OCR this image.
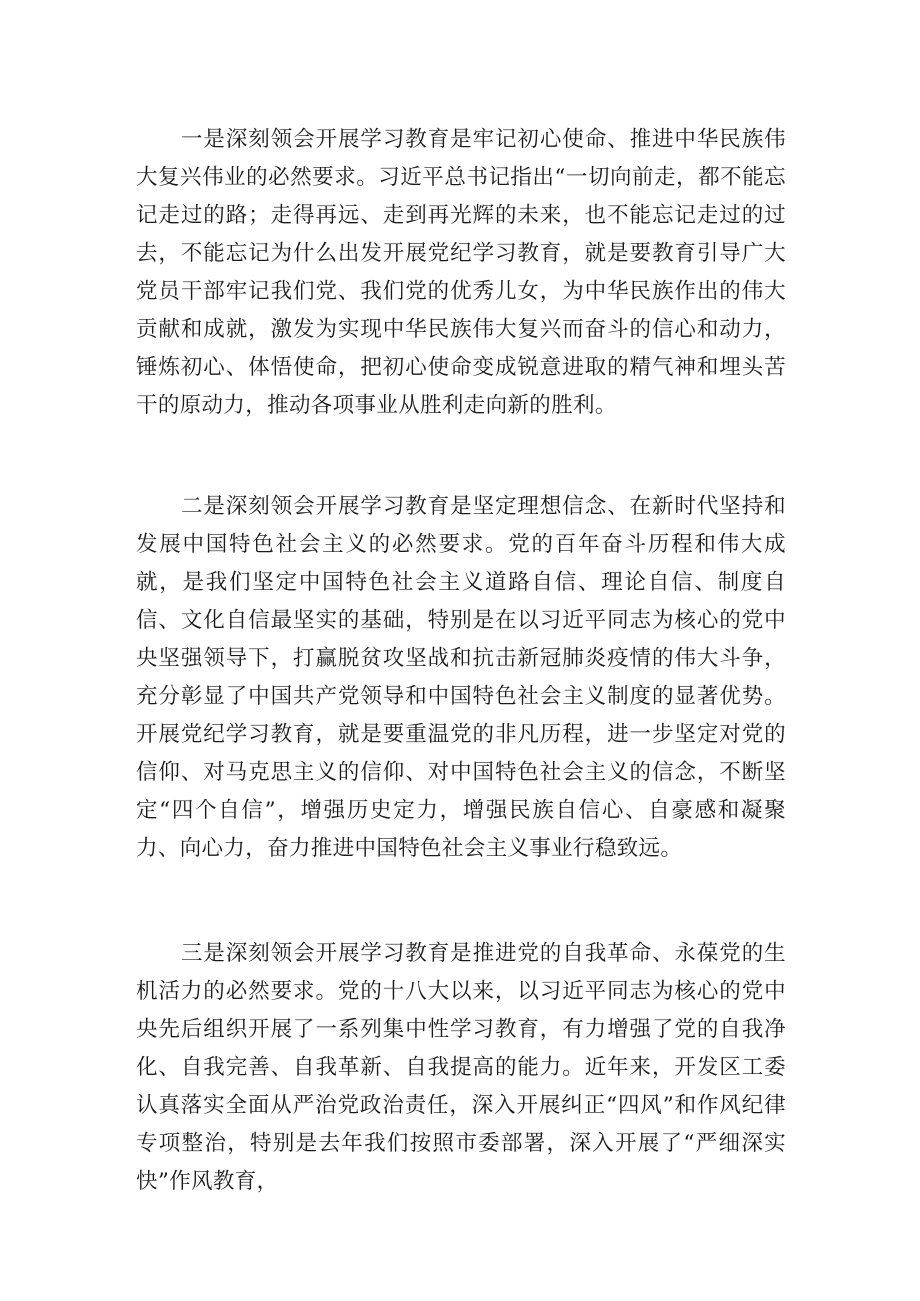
一是深刻领会开展学习教育是牢记初心使命、推进中华民族伟大复兴伟业的必然要求。习近平总书记指出“一切向前走，都不能忘记走过的路；走得再远、走到再光辉的未来，也不能忘记走过的过去，不能忘记为什么出发开展党纪学习教育，就是要教育引导广大党员干部牢记我们党、我们党的优秀儿女，为中华民族作出的伟大贡献和成就，激发为实现中华民族伟大复兴而奋斗的信心和动力，锤炼初心、体悟使命，把初心使命变成锐意进取的精气神和埋头苦干的原动力，推动各项事业从胜利走向新的胜利。

二是深刻领会开展学习教育是坚定理想信念、在新时代坚持和发展中国特色社会主义的必然要求。党的百年奋斗历程和伟大成就，是我们坚定中国特色社会主义道路自信、理论自信、制度自信、文化自信最坚实的基础，特别是在以习近平同志为核心的党中央坚强领导下，打赢脱贫攻坚战和抗击新冠肺炎疫情的伟大斗争，充分彰显了中国共产党领导和中国特色社会主义制度的显著优势。开展党纪学习教育，就是要重温党的非凡历程，进一步坚定对党的信仰、对马克思主义的信仰、对中国特色社会主义的信念，不断坚定“四个自信”，增强历史定力，增强民族自信心、自豪感和凝聚力、向心力，奋力推进中国特色社会主义事业行稳致远。

三是深刻领会开展学习教育是推进党的自我革命、永葆党的生机活力的必然要求。党的十八大以来，以习近平同志为核心的党中央先后组织开展了一系列集中性学习教育，有力增强了党的自我净化、自我完善、自我革新、自我提高的能力。近年来，开发区工委认真落实全面从严治党政治责任，深入开展纠正“四风”和作风纪律专项整治，特别是去年我们按照市委部署，深入开展了“严细深实快”作风教育，
